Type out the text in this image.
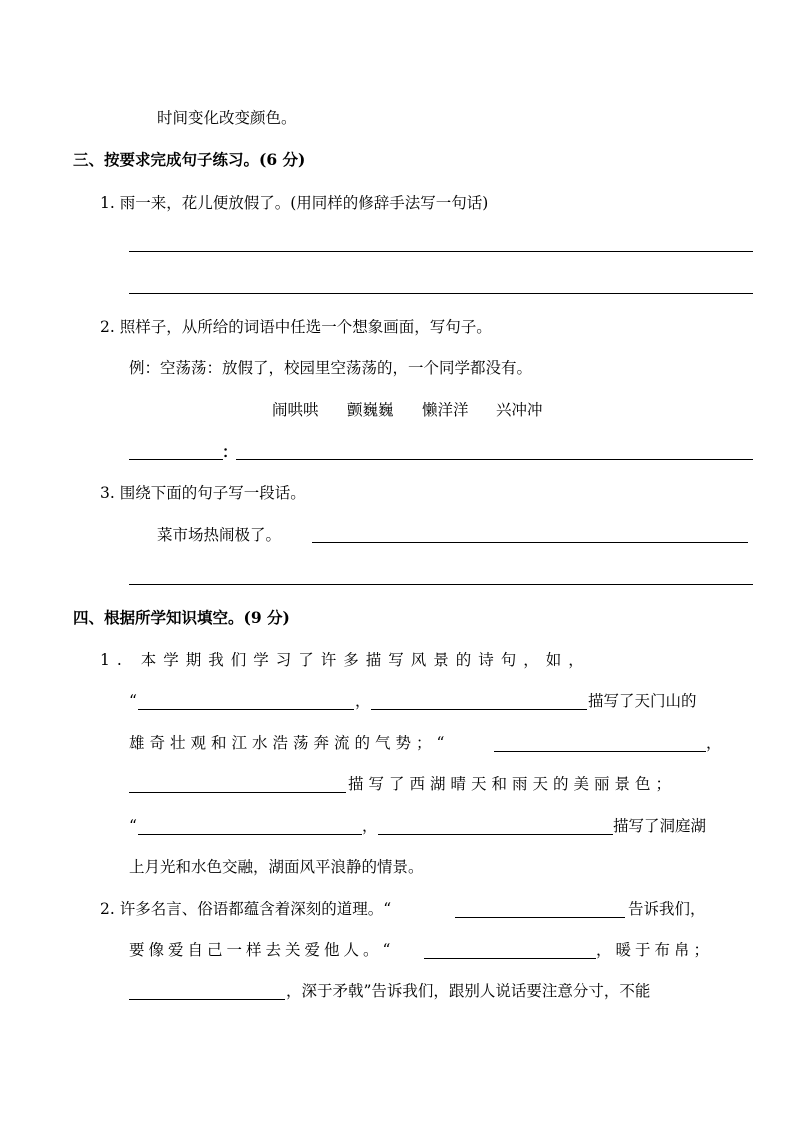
时间变化改变颜色。
三、按要求完成句子练习。(6 分)
1. 雨一来，花儿便放假了。(用同样的修辞手法写一句话)
2. 照样子，从所给的词语中任选一个想象画面，写句子。
例：空荡荡：放假了，校园里空荡荡的，一个同学都没有。
闹哄哄 颤巍巍 懒洋洋 兴冲冲
：
3. 围绕下面的句子写一段话。
菜市场热闹极了。
四、根据所学知识填空。(9 分)
1. 本学期我们学习了许多描写风景的诗句，如，
“	，	描写了天门山的
雄奇壮观和江水浩荡奔流的气势；“	，
描写了西湖晴天和雨天的美丽景色；
“	，	描写了洞庭湖
上月光和水色交融，湖面风平浪静的情景。
2. 许多名言、俗语都蕴含着深刻的道理。“	告诉我们，
要像爱自己一样去关爱他人。“	，暖于布帛；
，深于矛戟”告诉我们，跟别人说话要注意分寸，不能
